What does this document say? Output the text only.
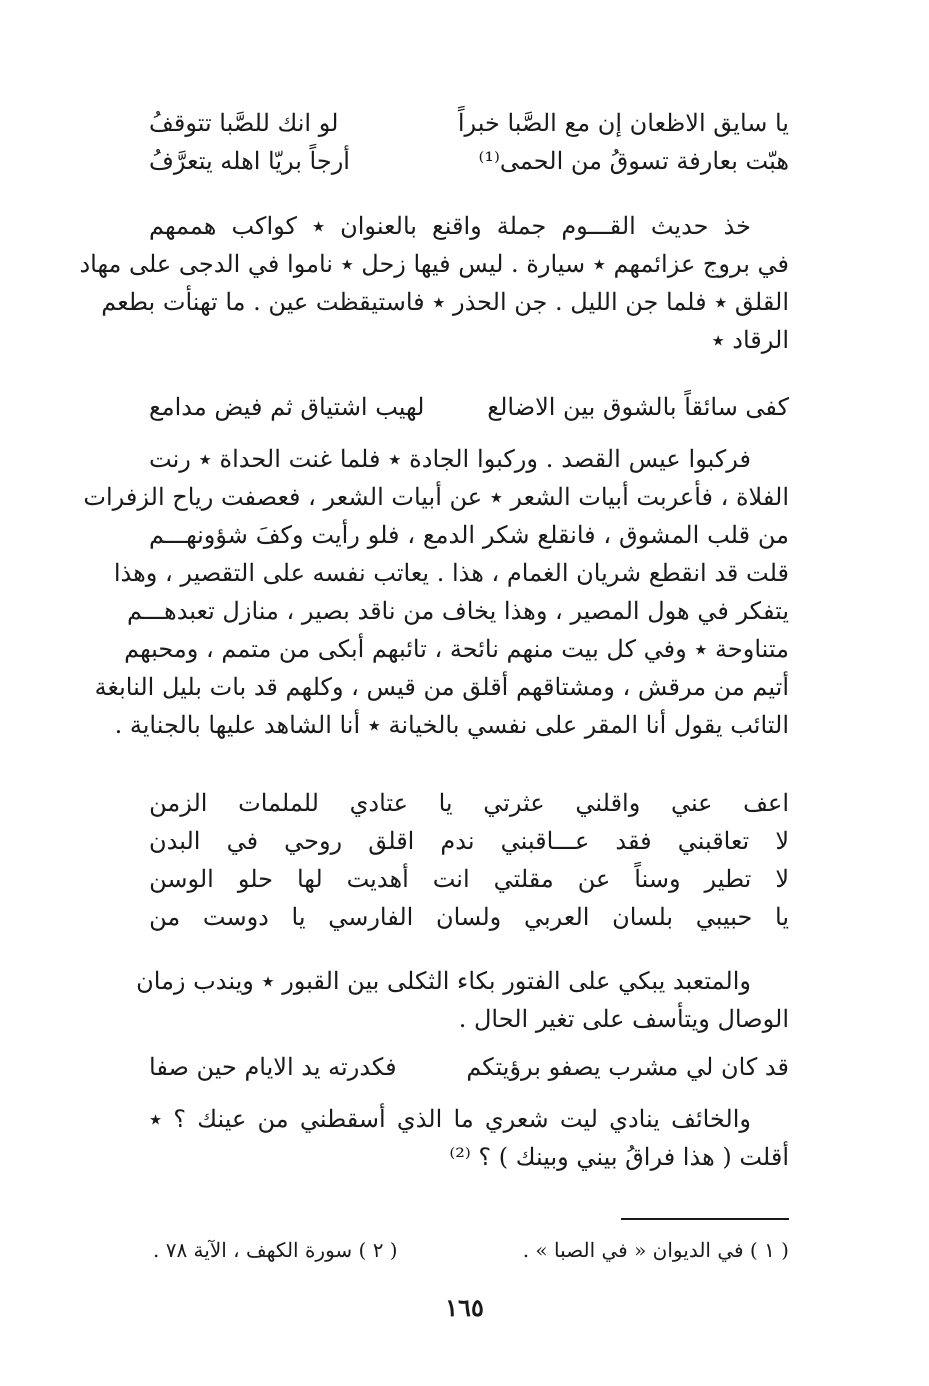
يا سايق الاظعان إن مع الصَّبا خبراً
لو انك للصَّبا تتوقفُ
هبّت بعارفة تسوقُ من الحمى⁽¹⁾
أرجاً بريّا اهله يتعرَّفُ
خذ حديث القـــوم جملة واقنع بالعنوان ٭ كواكب هممهم
في بروج عزائمهم ٭ سيارة . ليس فيها زحل ٭ ناموا في الدجى على مهاد
القلق ٭ فلما جن الليل . جن الحذر ٭ فاستيقظت عين . ما تهنأت بطعم
الرقاد ٭
كفى سائقاً بالشوق بين الاضالع
لهيب اشتياق ثم فيض مدامع
فركبوا عيس القصد . وركبوا الجادة ٭ فلما غنت الحداة ٭ رنت
الفلاة ، فأعربت أبيات الشعر ٭ عن أبيات الشعر ، فعصفت رياح الزفرات
من قلب المشوق ، فانقلع شكر الدمع ، فلو رأيت وكفَ شؤونهـــم
قلت قد انقطع شريان الغمام ، هذا . يعاتب نفسه على التقصير ، وهذا
يتفكر في هول المصير ، وهذا يخاف من ناقد بصير ، منازل تعبدهـــم
متناوحة ٭ وفي كل بيت منهم نائحة ، تائبهم أبكى من متمم ، ومحبهم
أتيم من مرقش ، ومشتاقهم أقلق من قيس ، وكلهم قد بات بليل النابغة
التائب يقول أنا المقر على نفسي بالخيانة ٭ أنا الشاهد عليها بالجناية .
اعف
عني
واقلني
عثرتي
يا
عتادي
للملمات
الزمن
لا
تعاقبني
فقد
عـــاقبني
ندم
اقلق
روحي
في
البدن
لا
تطير
وسناً
عن
مقلتي
انت
أهديت
لها
حلو
الوسن
يا
حبيبي
بلسان
العربي
ولسان
الفارسي
يا
دوست
من
والمتعبد يبكي على الفتور بكاء الثكلى بين القبور ٭ ويندب زمان
الوصال ويتأسف على تغير الحال .
قد كان لي مشرب يصفو برؤيتكم
فكدرته يد الايام حين صفا
والخائف ينادي ليت شعري ما الذي أسقطني من عينك ؟ ٭
أقلت ( هذا فراقُ بيني وبينك ) ؟ ⁽²⁾
( ١ ) في الديوان « في الصبا » .
( ٢ ) سورة الكهف ، الآية ٧٨ .
١٦٥
